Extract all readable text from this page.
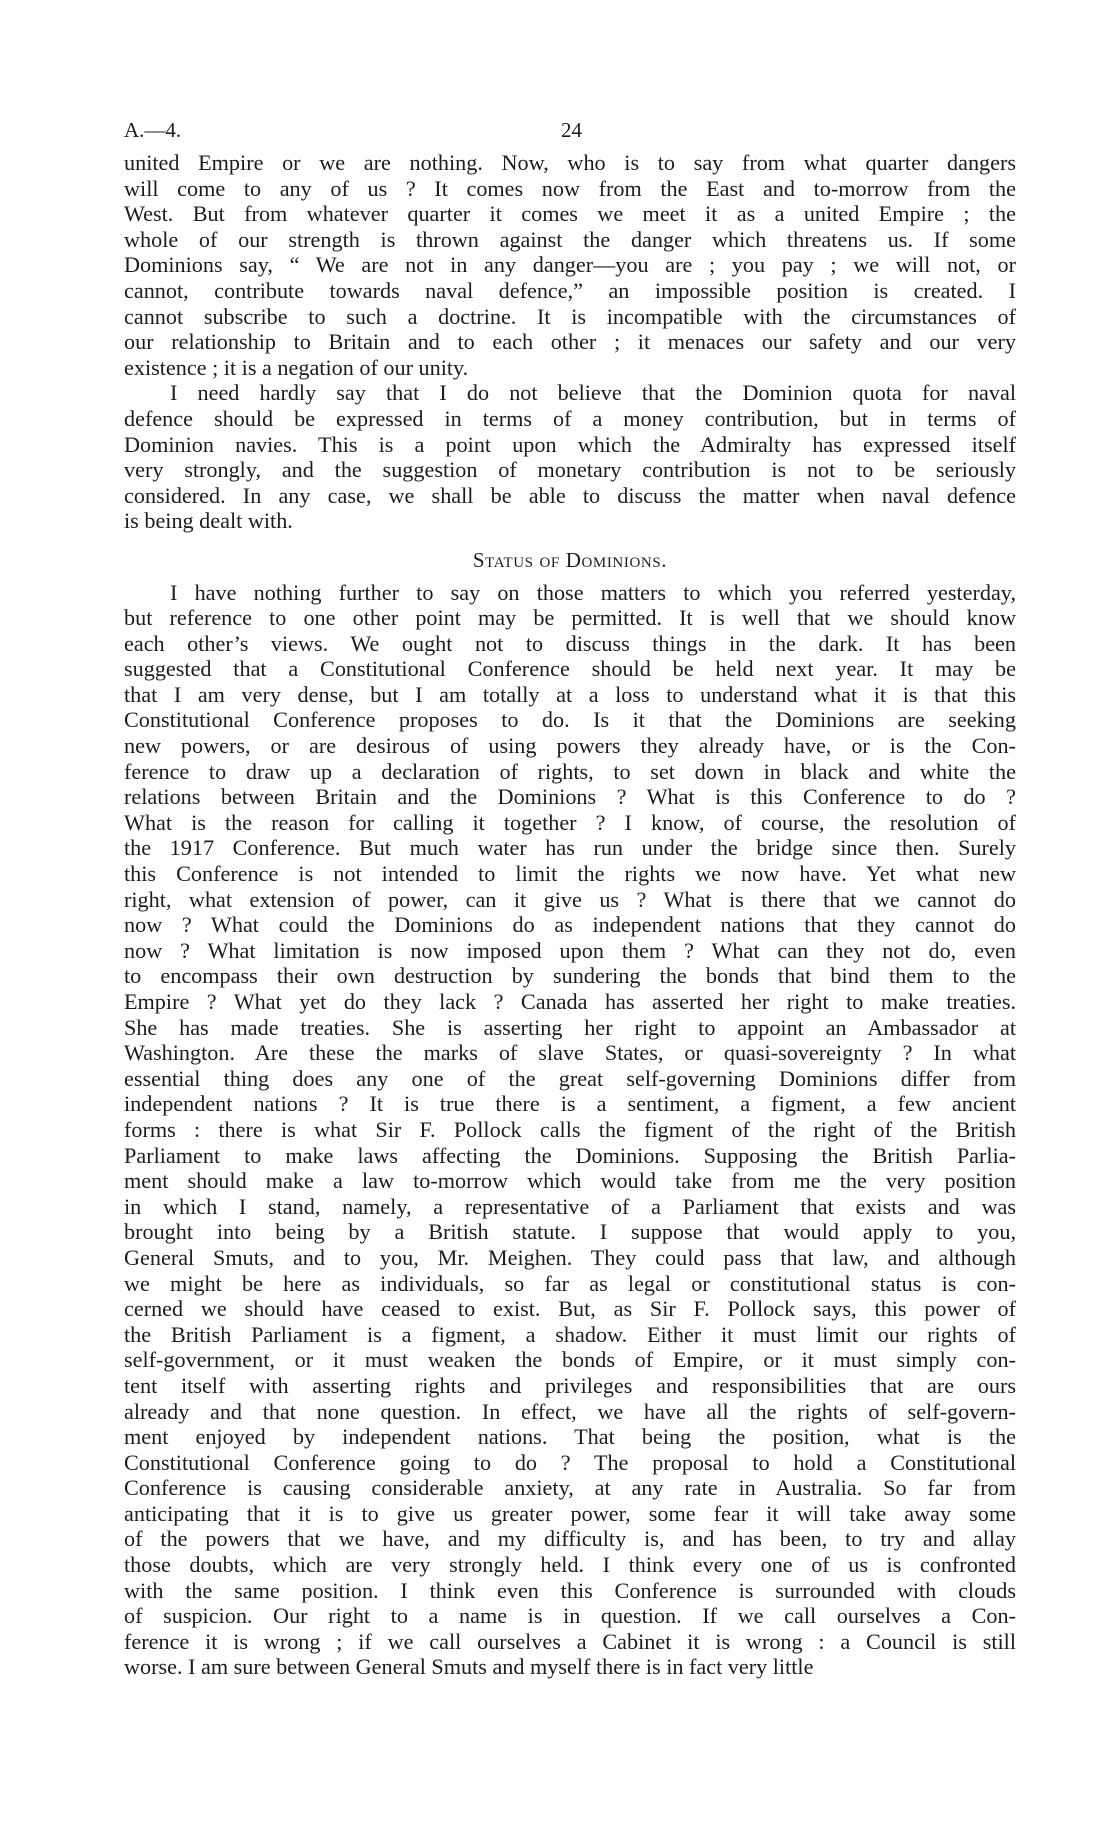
A.—4.	24
united Empire or we are nothing. Now, who is to say from what quarter dangers
will come to any of us ? It comes now from the East and to-morrow from the
West. But from whatever quarter it comes we meet it as a united Empire ; the
whole of our strength is thrown against the danger which threatens us. If some
Dominions say, “ We are not in any danger—you are ; you pay ; we will not, or
cannot, contribute towards naval defence,” an impossible position is created. I
cannot subscribe to such a doctrine. It is incompatible with the circumstances of
our relationship to Britain and to each other ; it menaces our safety and our very
existence ; it is a negation of our unity.
I need hardly say that I do not believe that the Dominion quota for naval
defence should be expressed in terms of a money contribution, but in terms of
Dominion navies. This is a point upon which the Admiralty has expressed itself
very strongly, and the suggestion of monetary contribution is not to be seriously
considered. In any case, we shall be able to discuss the matter when naval defence
is being dealt with.
Status of Dominions.
I have nothing further to say on those matters to which you referred yesterday,
but reference to one other point may be permitted. It is well that we should know
each other’s views. We ought not to discuss things in the dark. It has been
suggested that a Constitutional Conference should be held next year. It may be
that I am very dense, but I am totally at a loss to understand what it is that this
Constitutional Conference proposes to do. Is it that the Dominions are seeking
new powers, or are desirous of using powers they already have, or is the Con-
ference to draw up a declaration of rights, to set down in black and white the
relations between Britain and the Dominions ? What is this Conference to do ?
What is the reason for calling it together ? I know, of course, the resolution of
the 1917 Conference. But much water has run under the bridge since then. Surely
this Conference is not intended to limit the rights we now have. Yet what new
right, what extension of power, can it give us ? What is there that we cannot do
now ? What could the Dominions do as independent nations that they cannot do
now ? What limitation is now imposed upon them ? What can they not do, even
to encompass their own destruction by sundering the bonds that bind them to the
Empire ? What yet do they lack ? Canada has asserted her right to make treaties.
She has made treaties. She is asserting her right to appoint an Ambassador at
Washington. Are these the marks of slave States, or quasi-sovereignty ? In what
essential thing does any one of the great self-governing Dominions differ from
independent nations ? It is true there is a sentiment, a figment, a few ancient
forms : there is what Sir F. Pollock calls the figment of the right of the British
Parliament to make laws affecting the Dominions. Supposing the British Parlia-
ment should make a law to-morrow which would take from me the very position
in which I stand, namely, a representative of a Parliament that exists and was
brought into being by a British statute. I suppose that would apply to you,
General Smuts, and to you, Mr. Meighen. They could pass that law, and although
we might be here as individuals, so far as legal or constitutional status is con-
cerned we should have ceased to exist. But, as Sir F. Pollock says, this power of
the British Parliament is a figment, a shadow. Either it must limit our rights of
self-government, or it must weaken the bonds of Empire, or it must simply con-
tent itself with asserting rights and privileges and responsibilities that are ours
already and that none question. In effect, we have all the rights of self-govern-
ment enjoyed by independent nations. That being the position, what is the
Constitutional Conference going to do ? The proposal to hold a Constitutional
Conference is causing considerable anxiety, at any rate in Australia. So far from
anticipating that it is to give us greater power, some fear it will take away some
of the powers that we have, and my difficulty is, and has been, to try and allay
those doubts, which are very strongly held. I think every one of us is confronted
with the same position. I think even this Conference is surrounded with clouds
of suspicion. Our right to a name is in question. If we call ourselves a Con-
ference it is wrong ; if we call ourselves a Cabinet it is wrong : a Council is still
worse. I am sure between General Smuts and myself there is in fact very little
